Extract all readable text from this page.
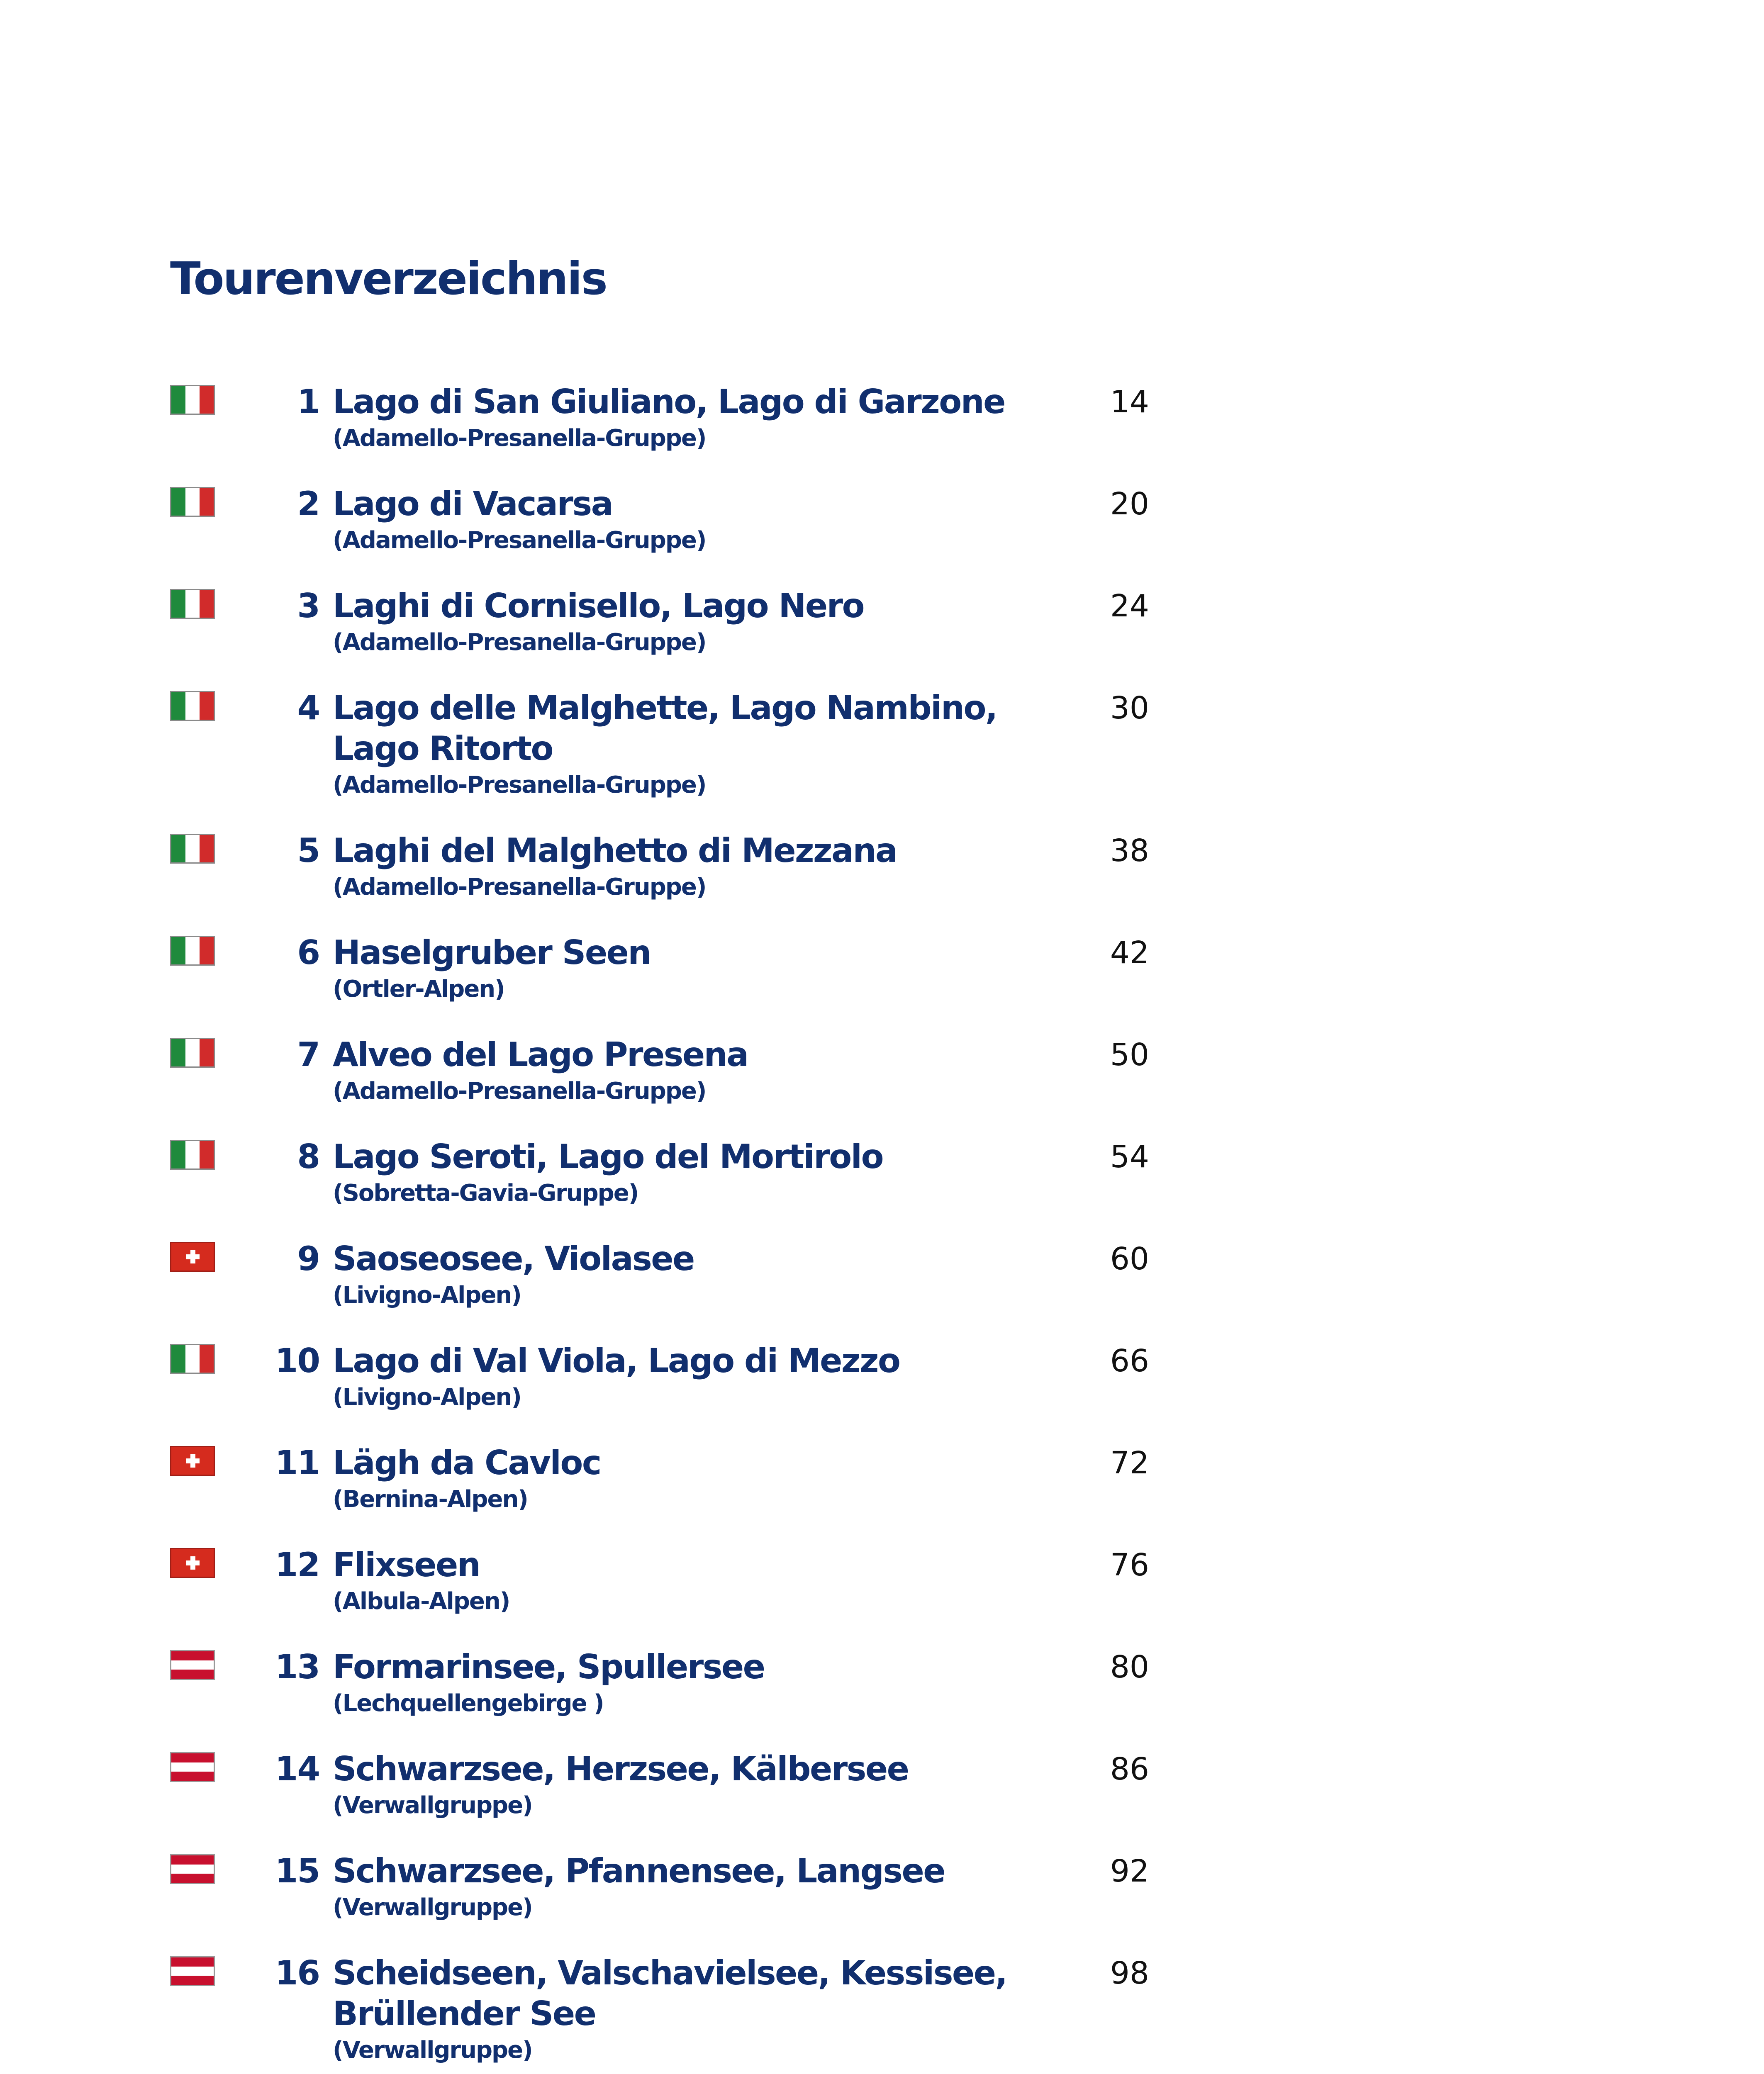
Tourenverzeichnis
1 Lago di San Giuliano, Lago di Garzone
(Adamello-Presanella-Gruppe)
14
2 Lago di Vacarsa
(Adamello-Presanella-Gruppe)
20
3 Laghi di Cornisello, Lago Nero
(Adamello-Presanella-Gruppe)
24
4 Lago delle Malghette, Lago Nambino,
Lago Ritorto
(Adamello-Presanella-Gruppe)
30
5 Laghi del Malghetto di Mezzana
(Adamello-Presanella-Gruppe)
38
6 Haselgruber Seen
(Ortler-Alpen)
42
7 Alveo del Lago Presena
(Adamello-Presanella-Gruppe)
50
8 Lago Seroti, Lago del Mortirolo
(Sobretta-Gavia-Gruppe)
54
9 Saoseosee, Violasee
(Livigno-Alpen)
60
10 Lago di Val Viola, Lago di Mezzo
(Livigno-Alpen)
66
11 Lägh da Cavloc
(Bernina-Alpen)
72
12 Flixseen
(Albula-Alpen)
76
13 Formarinsee, Spullersee
(Lechquellengebirge )
80
14 Schwarzsee, Herzsee, Kälbersee
(Verwallgruppe)
86
15 Schwarzsee, Pfannensee, Langsee
(Verwallgruppe)
92
16 Scheidseen, Valschavielsee, Kessisee,
Brüllender See
(Verwallgruppe)
98
